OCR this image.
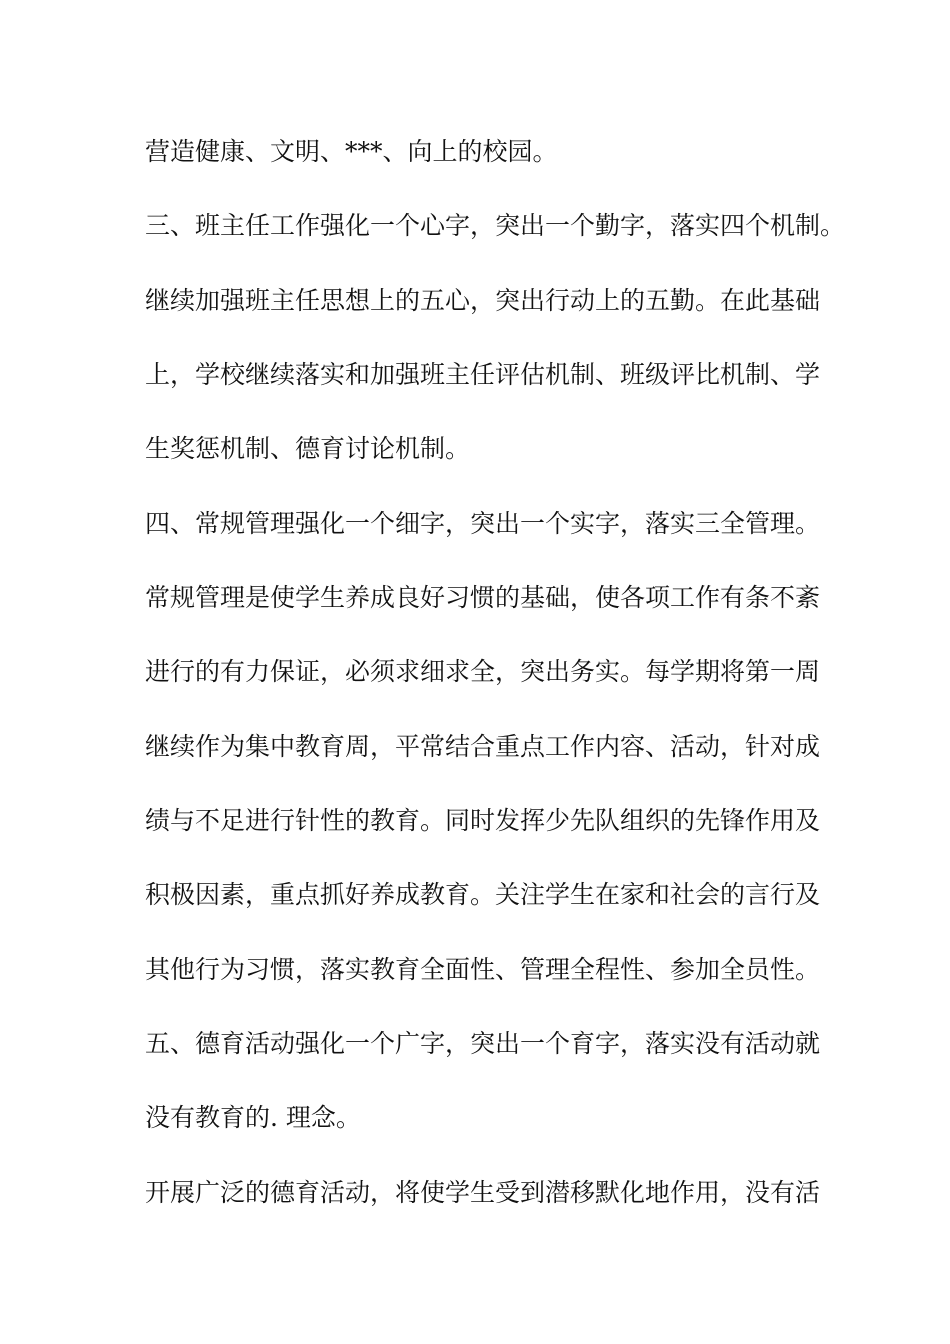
营造健康、文明、***、向上的校园。
三、班主任工作强化一个心字，突出一个勤字，落实四个机制。
继续加强班主任思想上的五心，突出行动上的五勤。在此基础
上，学校继续落实和加强班主任评估机制、班级评比机制、学
生奖惩机制、德育讨论机制。
四、常规管理强化一个细字，突出一个实字，落实三全管理。
常规管理是使学生养成良好习惯的基础，使各项工作有条不紊
进行的有力保证，必须求细求全，突出务实。每学期将第一周
继续作为集中教育周，平常结合重点工作内容、活动，针对成
绩与不足进行针性的教育。同时发挥少先队组织的先锋作用及
积极因素，重点抓好养成教育。关注学生在家和社会的言行及
其他行为习惯，落实教育全面性、管理全程性、参加全员性。
五、德育活动强化一个广字，突出一个育字，落实没有活动就
没有教育的. 理念。
开展广泛的德育活动，将使学生受到潜移默化地作用，没有活
